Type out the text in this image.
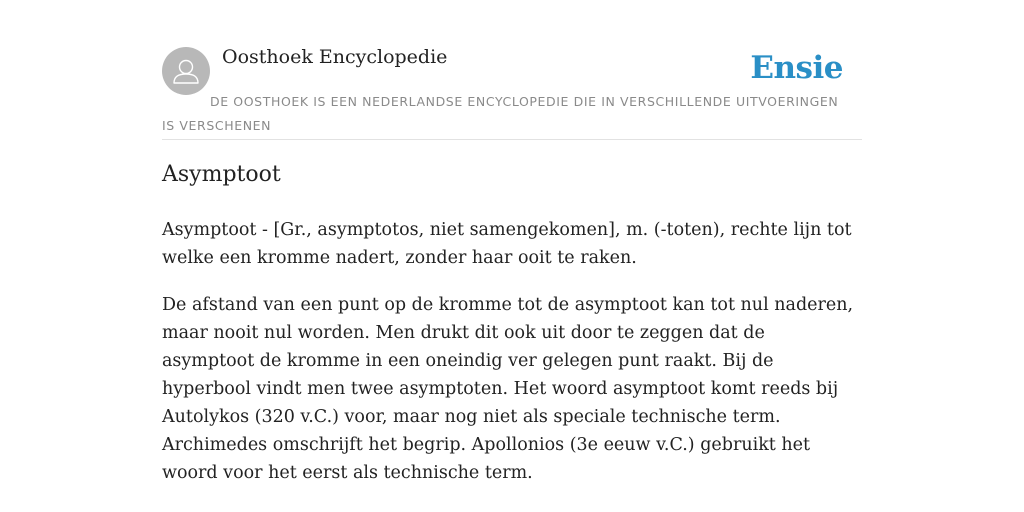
Oosthoek Encyclopedie	Ensie
DE OOSTHOEK IS EEN NEDERLANDSE ENCYCLOPEDIE DIE IN VERSCHILLENDE UITVOERINGEN IS VERSCHENEN
Asymptoot

Asymptoot - [Gr., asymptotos, niet samengekomen], m. (-toten), rechte lijn tot welke een kromme nadert, zonder haar ooit te raken.

De afstand van een punt op de kromme tot de asymptoot kan tot nul naderen, maar nooit nul worden. Men drukt dit ook uit door te zeggen dat de asymptoot de kromme in een oneindig ver gelegen punt raakt. Bij de hyperbool vindt men twee asymptoten. Het woord asymptoot komt reeds bij Autolykos (320 v.C.) voor, maar nog niet als speciale technische term. Archimedes omschrijft het begrip. Apollonios (3e eeuw v.C.) gebruikt het woord voor het eerst als technische term.
